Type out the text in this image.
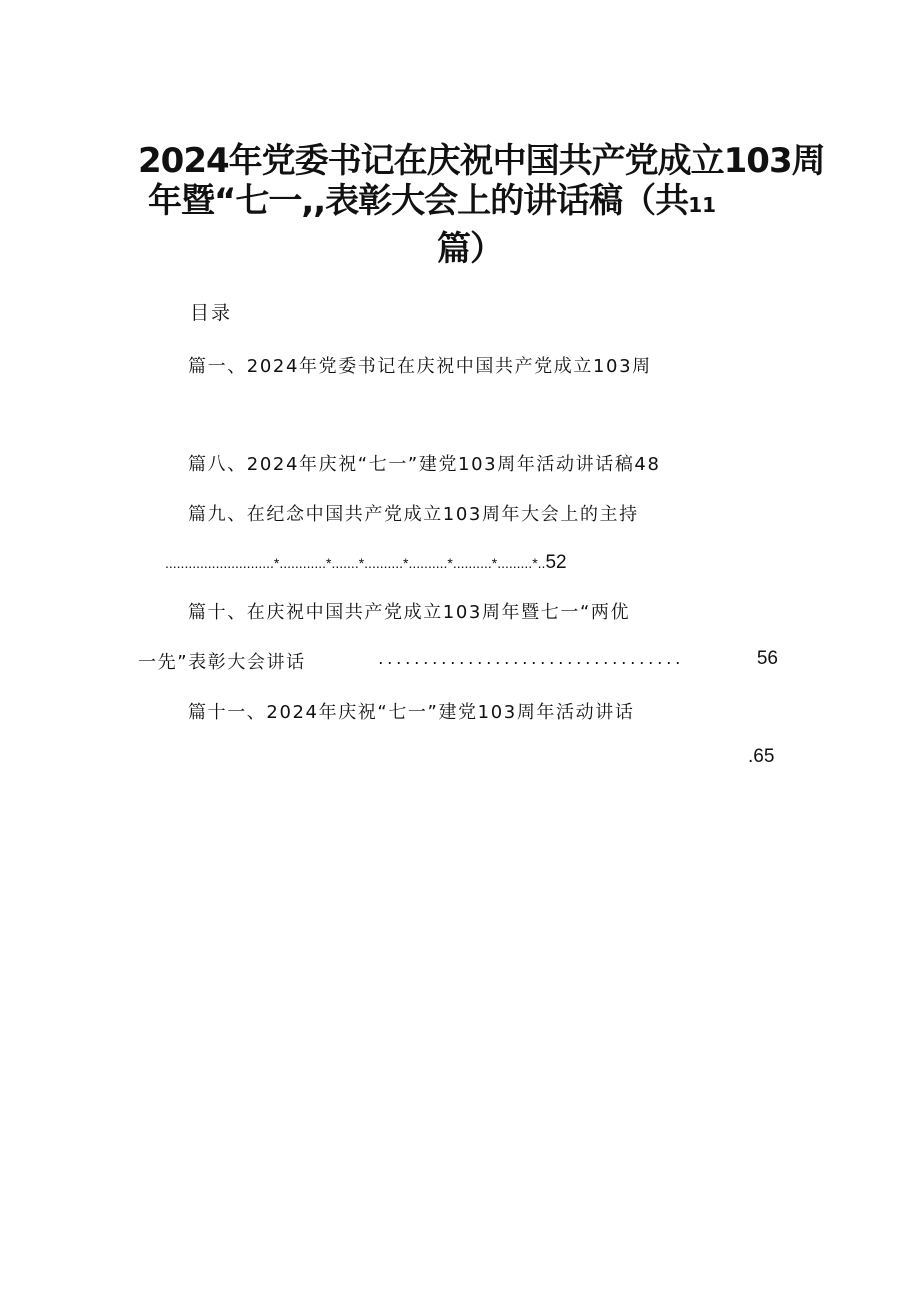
2024年党委书记在庆祝中国共产党成立103周
年暨“七一,,表彰大会上的讲话稿（共11
篇）
目录
篇一、2024年党委书记在庆祝中国共产党成立103周
篇八、2024年庆祝“七一”建党103周年活动讲话稿48
篇九、在纪念中国共产党成立103周年大会上的主持
............................*............*.......*..........*..........*..........*.........*..52
篇十、在庆祝中国共产党成立103周年暨七一“两优
一先”表彰大会讲话	..................................	56
篇十一、2024年庆祝“七一”建党103周年活动讲话
.65
